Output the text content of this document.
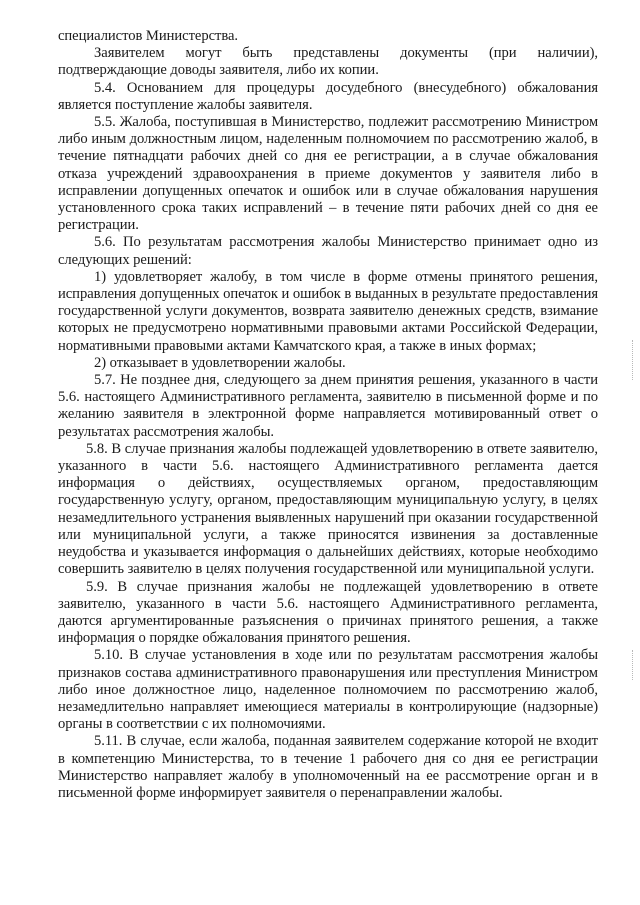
специалистов Министерства.

Заявителем могут быть представлены документы (при наличии), подтверждающие доводы заявителя, либо их копии.

5.4. Основанием для процедуры досудебного (внесудебного) обжалования является поступление жалобы заявителя.

5.5. Жалоба, поступившая в Министерство, подлежит рассмотрению Министром либо иным должностным лицом, наделенным полномочием по рассмотрению жалоб, в течение пятнадцати рабочих дней со дня ее регистрации, а в случае обжалования отказа учреждений здравоохранения в приеме документов у заявителя либо в исправлении допущенных опечаток и ошибок или в случае обжалования нарушения установленного срока таких исправлений – в течение пяти рабочих дней со дня ее регистрации.

5.6. По результатам рассмотрения жалобы Министерство принимает одно из следующих решений:

1) удовлетворяет жалобу, в том числе в форме отмены принятого решения, исправления допущенных опечаток и ошибок в выданных в результате предоставления государственной услуги документов, возврата заявителю денежных средств, взимание которых не предусмотрено нормативными правовыми актами Российской Федерации, нормативными правовыми актами Камчатского края, а также в иных формах;

2) отказывает в удовлетворении жалобы.

5.7. Не позднее дня, следующего за днем принятия решения, указанного в части 5.6. настоящего Административного регламента, заявителю в письменной форме и по желанию заявителя в электронной форме направляется мотивированный ответ о результатах рассмотрения жалобы.

5.8. В случае признания жалобы подлежащей удовлетворению в ответе заявителю, указанного в части 5.6. настоящего Административного регламента дается информация о действиях, осуществляемых органом, предоставляющим государственную услугу, органом, предоставляющим муниципальную услугу, в целях незамедлительного устранения выявленных нарушений при оказании государственной или муниципальной услуги, а также приносятся извинения за доставленные неудобства и указывается информация о дальнейших действиях, которые необходимо совершить заявителю в целях получения государственной или муниципальной услуги.

5.9. В случае признания жалобы не подлежащей удовлетворению в ответе заявителю, указанного в части 5.6. настоящего Административного регламента, даются аргументированные разъяснения о причинах принятого решения, а также информация о порядке обжалования принятого решения.

5.10. В случае установления в ходе или по результатам рассмотрения жалобы признаков состава административного правонарушения или преступления Министром либо иное должностное лицо, наделенное полномочием по рассмотрению жалоб, незамедлительно направляет имеющиеся материалы в контролирующие (надзорные) органы в соответствии с их полномочиями.

5.11. В случае, если жалоба, поданная заявителем содержание которой не входит в компетенцию Министерства, то в течение 1 рабочего дня со дня ее регистрации Министерство направляет жалобу в уполномоченный на ее рассмотрение орган и в письменной форме информирует заявителя о перенаправлении жалобы.
